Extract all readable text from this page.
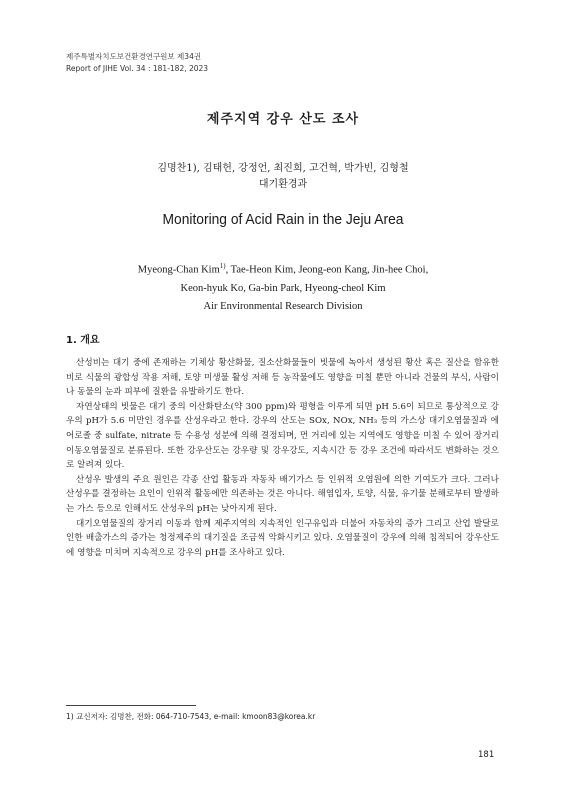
제주특별자치도보건환경연구원보 제34권
Report of JIHE Vol. 34 : 181-182, 2023
제주지역 강우 산도 조사
김명찬1), 김태헌, 강정언, 최진희, 고건혁, 박가빈, 김형철
대기환경과
Monitoring of Acid Rain in the Jeju Area
Myeong-Chan Kim$^{1)}$, Tae-Heon Kim, Jeong-eon Kang, Jin-hee Choi,
Keon-hyuk Ko, Ga-bin Park, Hyeong-cheol Kim
Air Environmental Research Division
1. 개요

산성비는 대기 중에 존재하는 기체상 황산화물, 질소산화물들이 빗물에 녹아서 생성된 황산 혹은 질산을 함유한 비로 식물의 광합성 작용 저해, 토양 미생물 활성 저해 등 농작물에도 영향을 미칠 뿐만 아니라 건물의 부식, 사람이나 동물의 눈과 피부에 질환을 유발하기도 한다.

자연상태의 빗물은 대기 중의 이산화탄소(약 300 ppm)와 평형을 이루게 되면 pH 5.6이 되므로 통상적으로 강우의 pH가 5.6 미만인 경우를 산성우라고 한다. 강우의 산도는 SOx, NOx, NH₃ 등의 가스상 대기오염물질과 에어로졸 중 sulfate, nitrate 등 수용성 성분에 의해 결정되며, 먼 거리에 있는 지역에도 영향을 미칠 수 있어 장거리 이동오염물질로 분류된다. 또한 강우산도는 강우량 및 강우강도, 지속시간 등 강우 조건에 따라서도 변화하는 것으로 알려져 있다.

산성우 발생의 주요 원인은 각종 산업 활동과 자동차 배기가스 등 인위적 오염원에 의한 기여도가 크다. 그러나 산성우를 결정하는 요인이 인위적 활동에만 의존하는 것은 아니다. 해염입자, 토양, 식물, 유기물 분해로부터 발생하는 가스 등으로 인해서도 산성우의 pH는 낮아지게 된다.

대기오염물질의 장거리 이동과 함께 제주지역의 지속적인 인구유입과 더불어 자동차의 증가 그리고 산업 발달로 인한 배출가스의 증가는 청정제주의 대기질을 조금씩 악화시키고 있다. 오염물질이 강우에 의해 침적되어 강우산도에 영향을 미치며 지속적으로 강우의 pH를 조사하고 있다.

1) 교신저자: 김명찬, 전화: 064-710-7543, e-mail: kmoon83@korea.kr
181
